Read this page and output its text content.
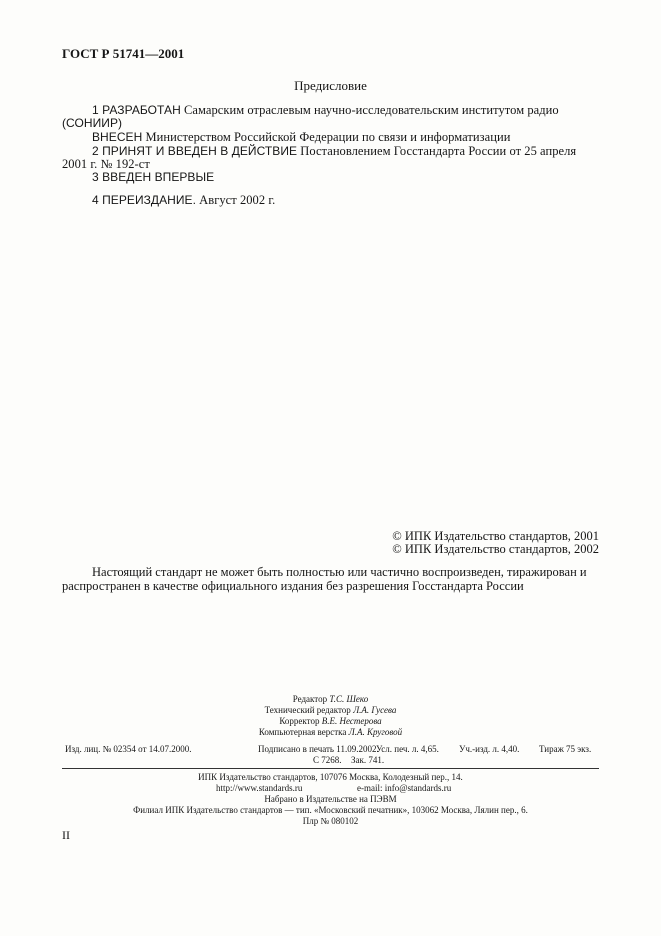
ГОСТ Р 51741—2001
Предисловие
1 РАЗРАБОТАН Самарским отраслевым научно-исследовательским институтом радио
(СОНИИР)
ВНЕСЕН Министерством Российской Федерации по связи и информатизации
2 ПРИНЯТ И ВВЕДЕН В ДЕЙСТВИЕ Постановлением Госстандарта России от 25 апреля
2001 г. № 192-ст
3 ВВЕДЕН ВПЕРВЫЕ
4 ПЕРЕИЗДАНИЕ. Август 2002 г.
© ИПК Издательство стандартов, 2001
© ИПК Издательство стандартов, 2002
Настоящий стандарт не может быть полностью или частично воспроизведен, тиражирован и
распространен в качестве официального издания без разрешения Госстандарта России
Редактор Т.С. Шеко
Технический редактор Л.А. Гусева
Корректор В.Е. Нестерова
Компьютерная верстка Л.А. Круговой
Изд. лиц. № 02354 от 14.07.2000.	Подписано в печать 11.09.2002.
Усл. печ. л. 4,65. Уч.-изд. л. 4,40. Тираж 75 экз.
С 7268. Зак. 741.
ИПК Издательство стандартов, 107076 Москва, Колодезный пер., 14.
http://www.standards.ru	e-mail: info@standards.ru
Набрано в Издательстве на ПЭВМ
Филиал ИПК Издательство стандартов — тип. «Московский печатник», 103062 Москва, Лялин пер., 6.
Плр № 080102
II
